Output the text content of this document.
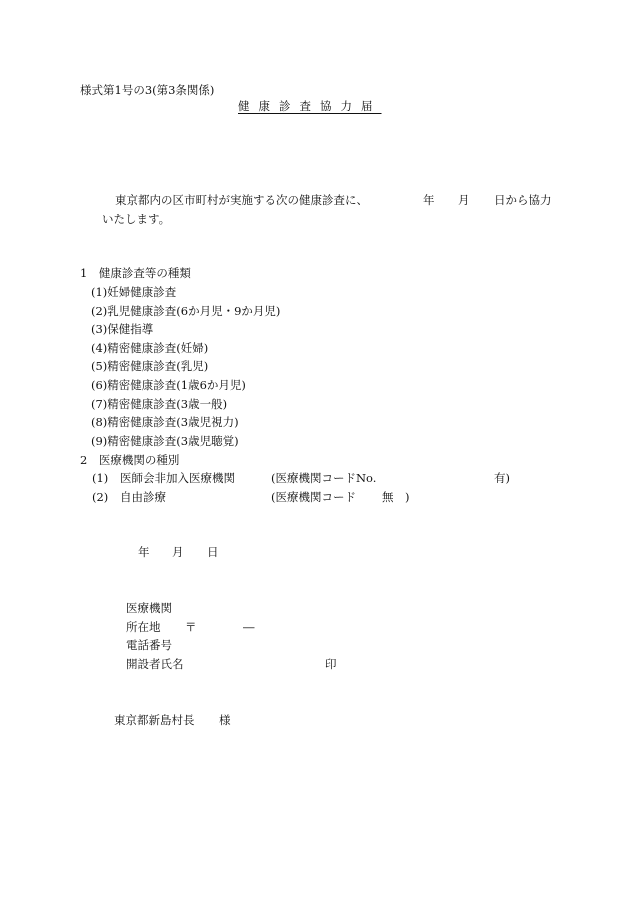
様式第1号の3(第3条関係)
健康診査協力届
東京都内の区市町村が実施する次の健康診査に、	年 月 日から協力
いたします。
1　健康診査等の種類
(1)妊婦健康診査
(2)乳児健康診査(6か月児・9か月児)
(3)保健指導
(4)精密健康診査(妊婦)
(5)精密健康診査(乳児)
(6)精密健康診査(1歳6か月児)
(7)精密健康診査(3歳一般)
(8)精密健康診査(3歳児視力)
(9)精密健康診査(3歳児聴覚)
2　医療機関の種別
(1) 医師会非加入医療機関	(医療機関コードNo.	有)
(2) 自由診療	(医療機関コード 無　)
年 月 日
医療機関
所在地 〒	―
電話番号
開設者氏名	印
東京都新島村長 様
